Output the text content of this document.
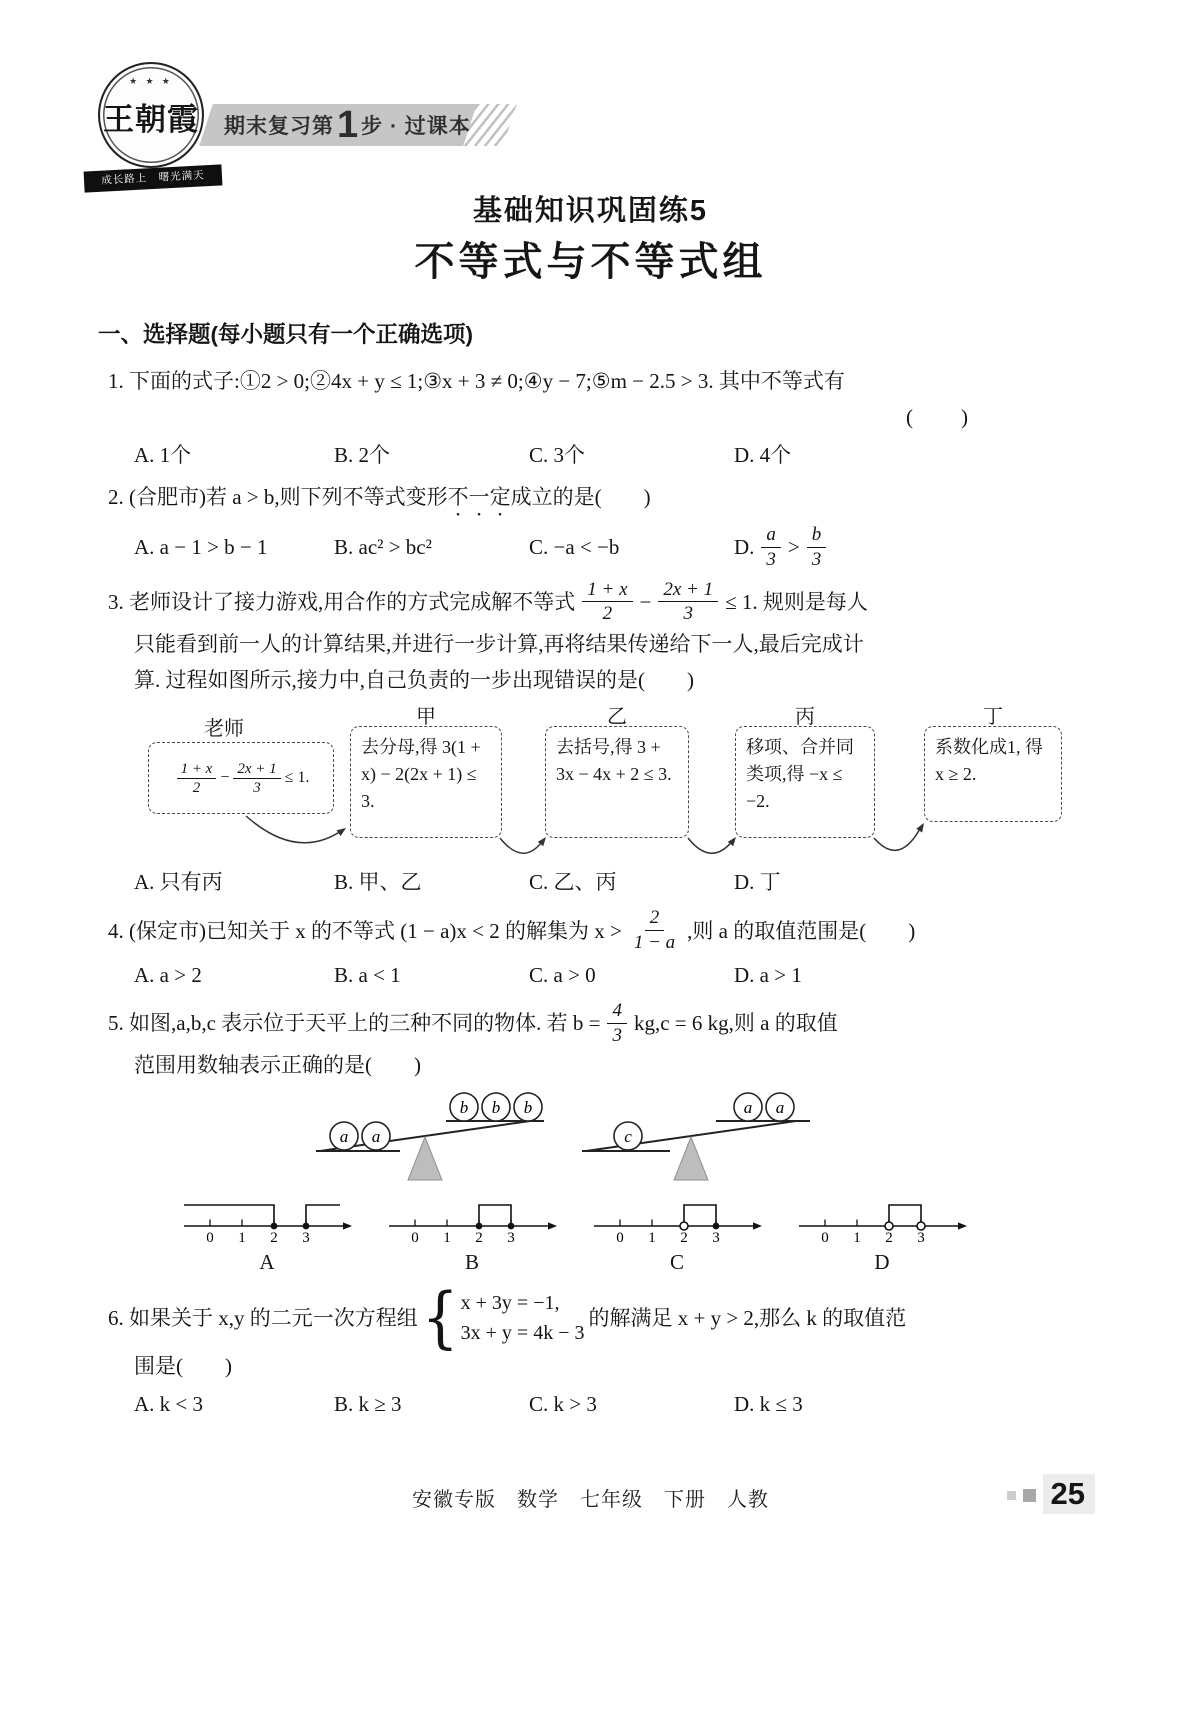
★ ★ ★
王朝霞
成长路上　曙光满天
期末复习第 1 步 · 过课本
基础知识巩固练5
不等式与不等式组
一、选择题(每小题只有一个正确选项)
1. 下面的式子:①2 > 0;②4x + y ≤ 1;③x + 3 ≠ 0;④y − 7;⑤m − 2.5 > 3. 其中不等式有
(　　)
A. 1个	B. 2个	C. 3个	D. 4个
2. (合肥市)若 a > b,则下列不等式变形不一定成立的是(　　)
A. a − 1 > b − 1	B. ac² > bc²	C. −a < −b	D. $\frac{a}{3} > \frac{b}{3}$
3. 老师设计了接力游戏,用合作的方式完成解不等式 $\frac{1 + x}{2} - \frac{2x + 1}{3} \le 1$. 规则是每人
只能看到前一人的计算结果,并进行一步计算,再将结果传递给下一人,最后完成计
算. 过程如图所示,接力中,自己负责的一步出现错误的是(　　)
老师
$\frac{1 + x}{2} - \frac{2x + 1}{3} \le 1$.
甲
去分母,得 3(1 + x) − 2(2x + 1) ≤ 3.
乙
去括号,得 3 + 3x − 4x + 2 ≤ 3.
丙
移项、合并同类项,得 −x ≤ −2.
丁
系数化成1, 得 x ≥ 2.
A. 只有丙	B. 甲、乙	C. 乙、丙	D. 丁
4. (保定市)已知关于 x 的不等式 (1 − a)x < 2 的解集为 $x > \frac{2}{1 - a}$ ,则 a 的取值范围是(　　)
A. a > 2	B. a < 1	C. a > 0	D. a > 1
5. 如图,a,b,c 表示位于天平上的三种不同的物体. 若 $b = \frac{4}{3} kg,c = 6$ kg,则 a 的取值
范围用数轴表示正确的是(　　)
a a
b b b
c
a a
0 1 2 3	0 1 2 3	0 1 2 3	0 1 2 3
A	B	C	D
6. 如果关于 x,y 的二元一次方程组 { x + 3y = −1,
3x + y = 4k − 3
的解满足 x + y > 2,那么 k 的取值范
围是(　　)
A. k < 3	B. k ≥ 3	C. k > 3	D. k ≤ 3
安徽专版　数学　七年级　下册　人教	25
